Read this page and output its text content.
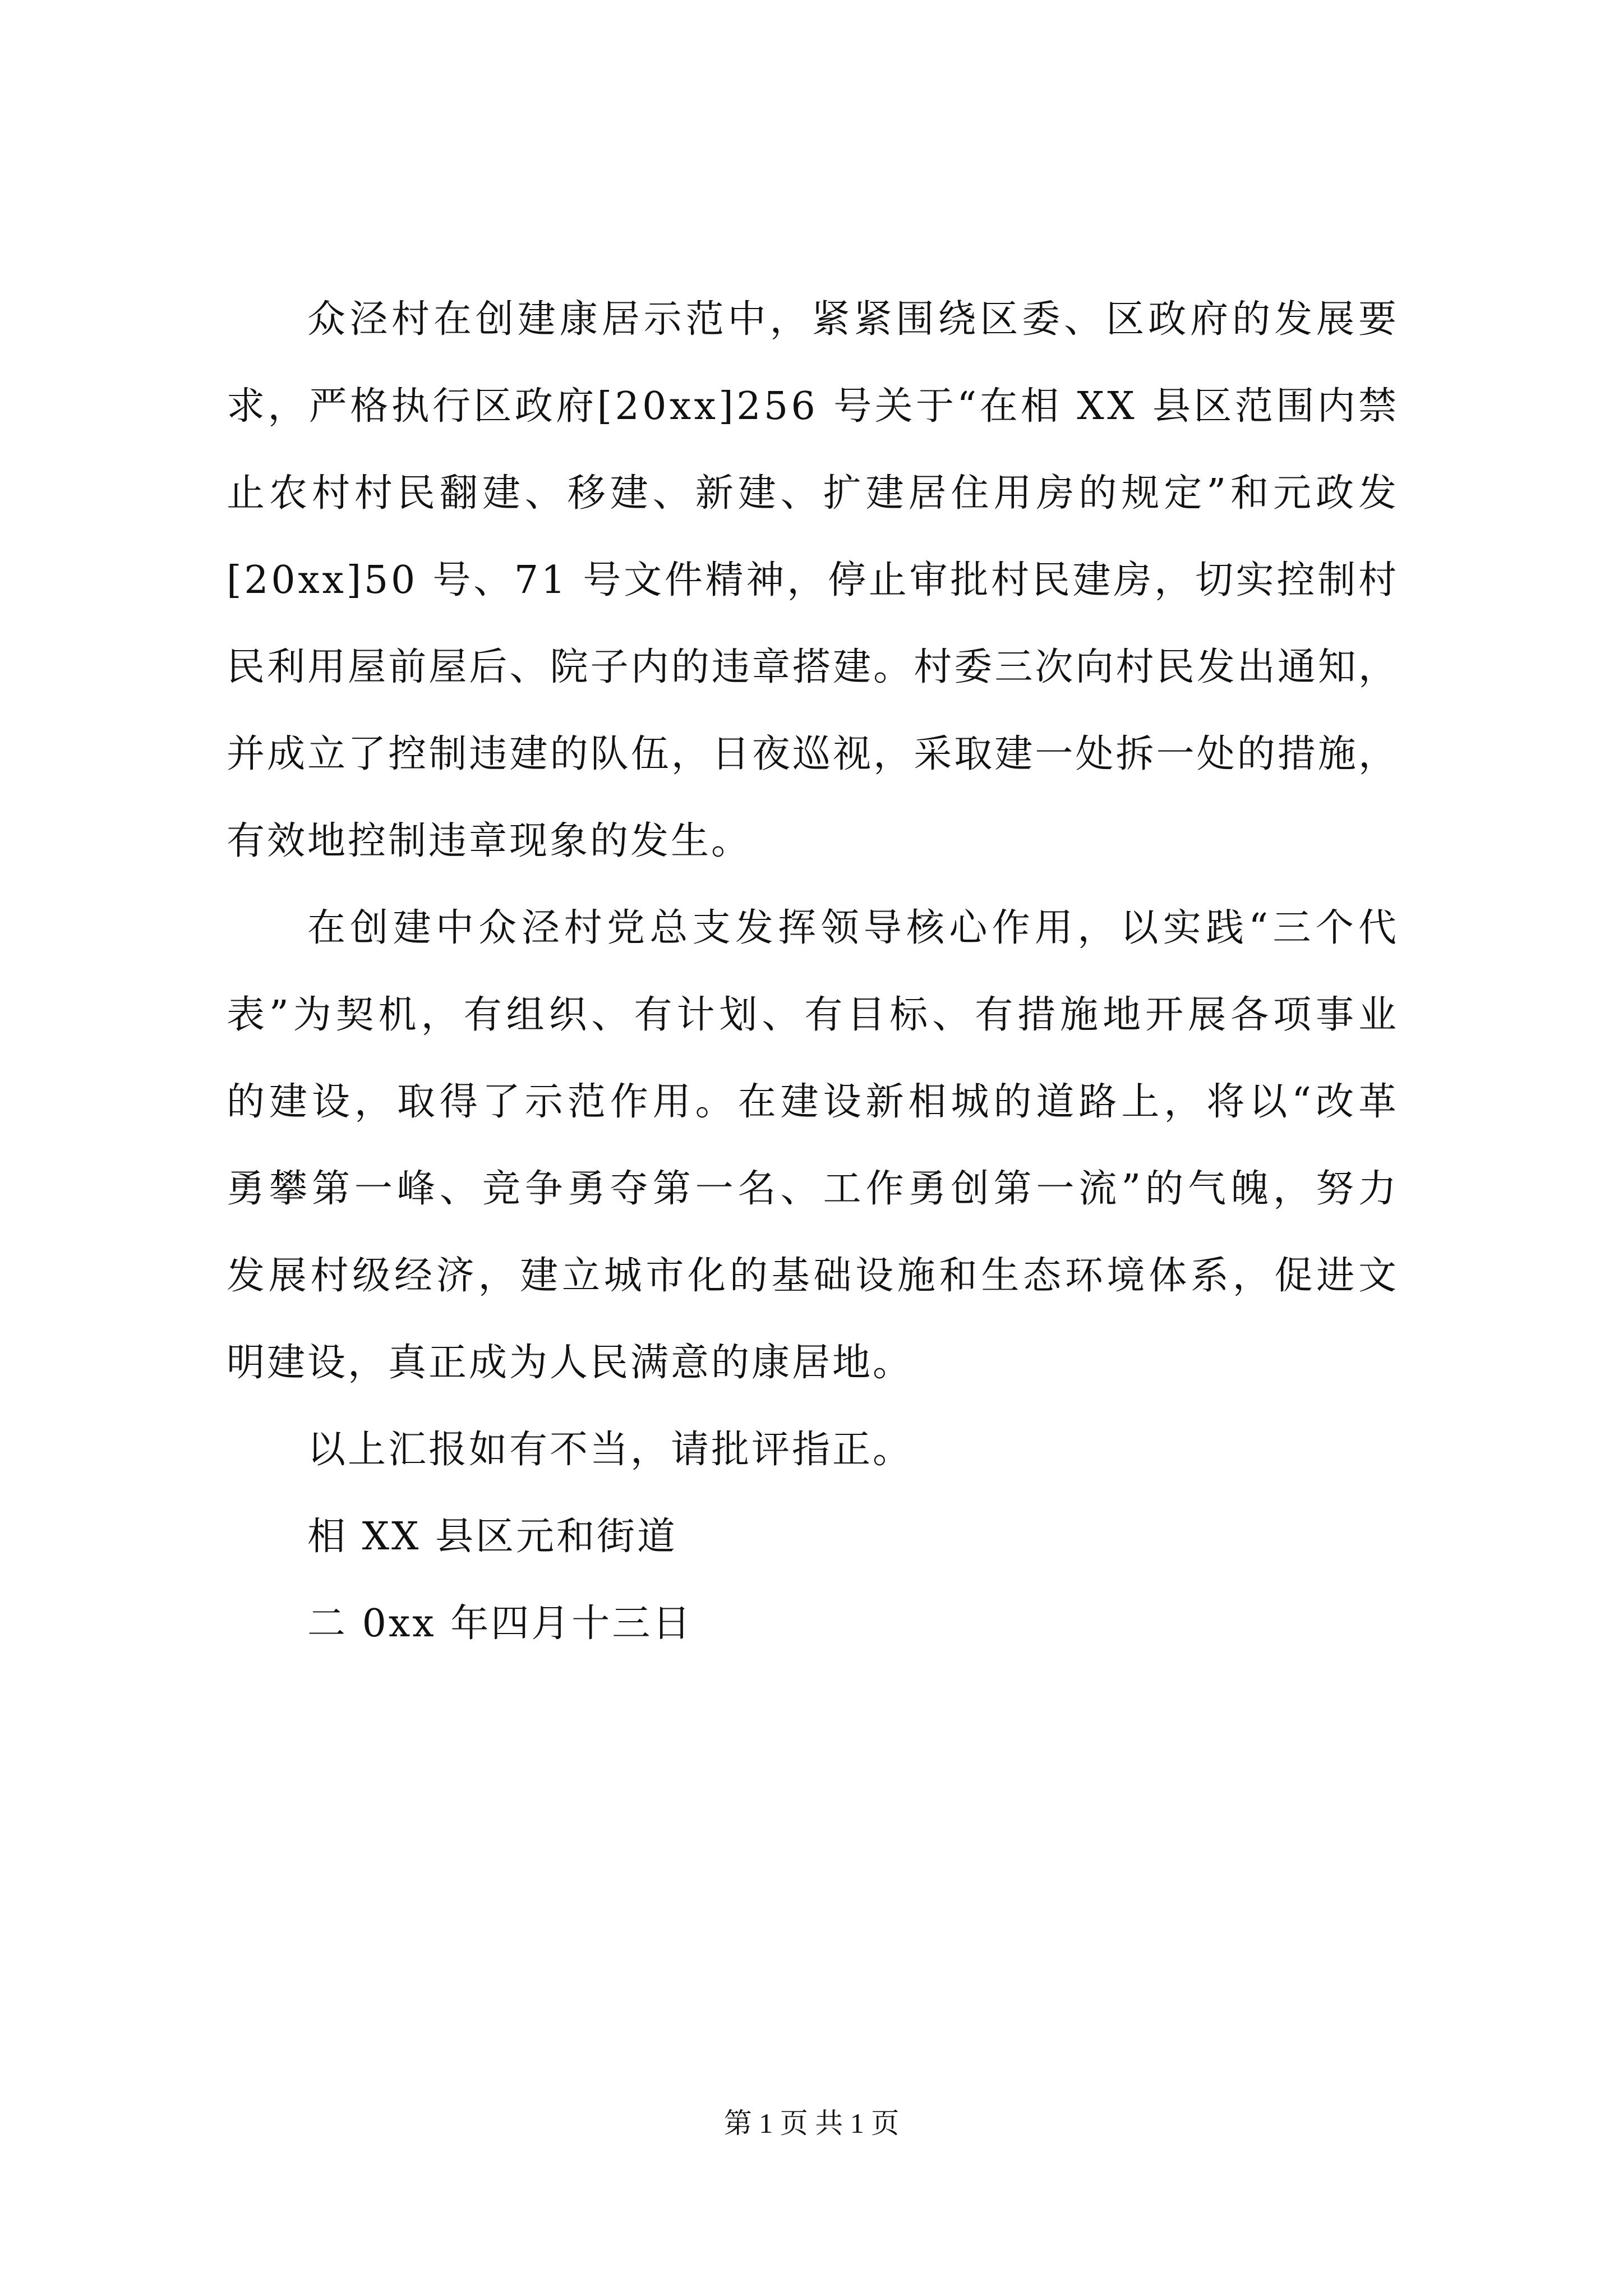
众泾村在创建康居示范中，紧紧围绕区委、区政府的发展要
求，严格执行区政府[20xx]256 号关于“在相 XX 县区范围内禁
止农村村民翻建、移建、新建、扩建居住用房的规定”和元政发
[20xx]50 号、71 号文件精神，停止审批村民建房，切实控制村
民利用屋前屋后、院子内的违章搭建。村委三次向村民发出通知，
并成立了控制违建的队伍，日夜巡视，采取建一处拆一处的措施，
有效地控制违章现象的发生。
在创建中众泾村党总支发挥领导核心作用，以实践“三个代
表”为契机，有组织、有计划、有目标、有措施地开展各项事业
的建设，取得了示范作用。在建设新相城的道路上，将以“改革
勇攀第一峰、竞争勇夺第一名、工作勇创第一流”的气魄，努力
发展村级经济，建立城市化的基础设施和生态环境体系，促进文
明建设，真正成为人民满意的康居地。
以上汇报如有不当，请批评指正。
相 XX 县区元和街道
二 0xx 年四月十三日
第 1 页 共 1 页
